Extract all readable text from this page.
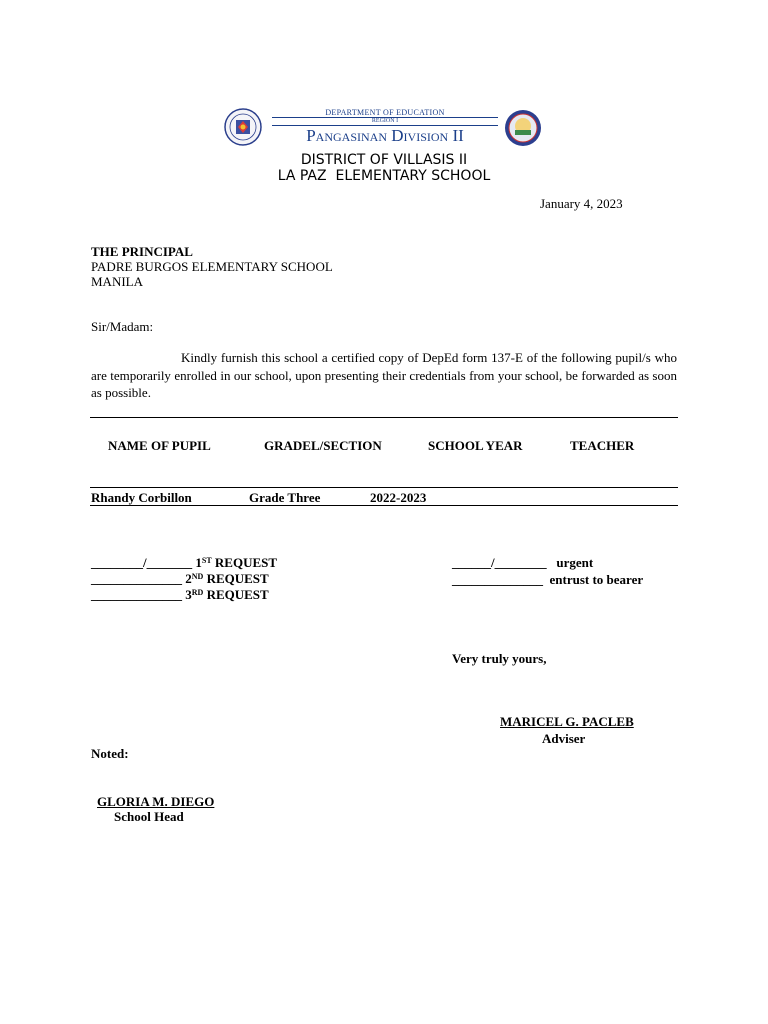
DEPARTMENT OF EDUCATION
REGION I
Pangasinan Division II
DISTRICT OF VILLASIS II
LA PAZ  ELEMENTARY SCHOOL
January 4, 2023
THE PRINCIPAL
PADRE BURGOS ELEMENTARY SCHOOL
MANILA
Sir/Madam:
Kindly furnish this school a certified copy of DepEd form 137-E of the following pupil/s who are temporarily enrolled in our school, upon presenting their credentials from your school, be forwarded as soon as possible.
NAME OF PUPIL	GRADEL/SECTION	SCHOOL YEAR	TEACHER
Rhandy Corbillon	Grade Three	2022-2023
________/_______ 1ST REQUEST
______________ 2ND REQUEST
______________ 3RD REQUEST
______/________   urgent
______________  entrust to bearer
Very truly yours,
MARICEL G. PACLEB
Adviser
Noted:
GLORIA M. DIEGO
School Head
